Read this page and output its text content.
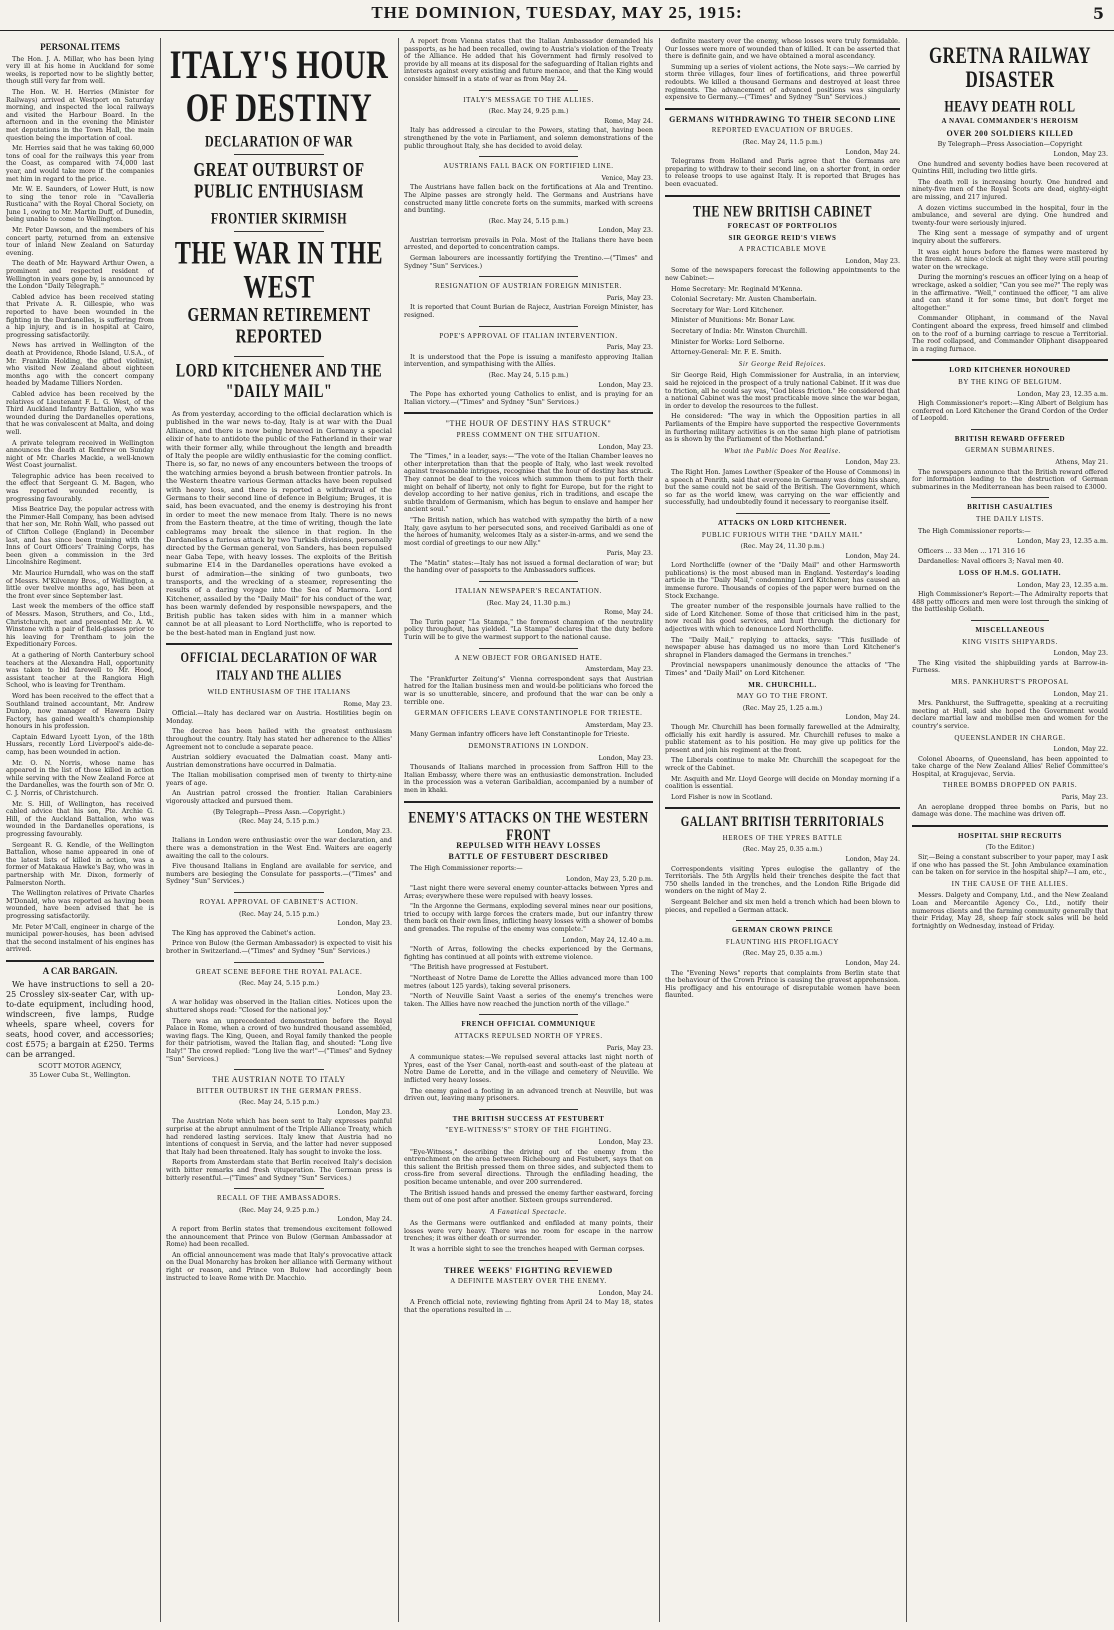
THE DOMINION, TUESDAY, MAY 25, 1915:	5
PERSONAL ITEMS

The Hon. J. A. Millar, who has been lying very ill at his home in Auckland for some weeks, is reported now to be slightly better, though still very far from well.

The Hon. W. H. Herries (Minister for Railways) arrived at Westport on Saturday morning, and inspected the local railways and visited the Harbour Board. In the afternoon and in the evening the Minister met deputations in the Town Hall, the main question being the importation of coal.

Mr. Herries said that he was taking 60,000 tons of coal for the railways this year from the Coast, as compared with 74,000 last year, and would take more if the companies met him in regard to the price.

Mr. W. E. Saunders, of Lower Hutt, is now to sing the tenor role in "Cavalleria Rusticana" with the Royal Choral Society, on June 1, owing to Mr. Martin Duff, of Dunedin, being unable to come to Wellington.

Mr. Peter Dawson, and the members of his concert party, returned from an extensive tour of inland New Zealand on Saturday evening.

The death of Mr. Hayward Arthur Owen, a prominent and respected resident of Wellington in years gone by, is announced by the London "Daily Telegraph."

Cabled advice has been received stating that Private A. R. Gillespie, who was reported to have been wounded in the fighting in the Dardanelles, is suffering from a hip injury, and is in hospital at Cairo, progressing satisfactorily.

News has arrived in Wellington of the death at Providence, Rhode Island, U.S.A., of Mr. Franklin Holding, the gifted violinist, who visited New Zealand about eighteen months ago with the concert company headed by Madame Tilliers Norden.

Cabled advice has been received by the relatives of Lieutenant F. L. G. West, of the Third Auckland Infantry Battalion, who was wounded during the Dardanelles operations, that he was convalescent at Malta, and doing well.

A private telegram received in Wellington announces the death at Renfrew on Sunday night of Mr. Charles Mackie, a well-known West Coast journalist.

Telegraphic advice has been received to the effect that Sergeant G. M. Bagen, who was reported wounded recently, is progressing favourably.

Miss Beatrice Day, the popular actress with the Pimmer-Hall Company, has been advised that her son, Mr. Rohn Wall, who passed out of Clifton College (England) in December last, and has since been training with the Inns of Court Officers' Training Corps, has been given a commission in the 3rd Lincolnshire Regiment.

Mr. Maurice Hurndall, who was on the staff of Messrs. M'Kilvenny Bros., of Wellington, a little over twelve months ago, has been at the front ever since September last.

Last week the members of the office staff of Messrs. Mason, Struthers, and Co., Ltd., Christchurch, met and presented Mr. A. W. Winstone with a pair of field-glasses prior to his leaving for Trentham to join the Expeditionary Forces.

At a gathering of North Canterbury school teachers at the Alexandra Hall, opportunity was taken to bid farewell to Mr. Hood, assistant teacher at the Rangiora High School, who is leaving for Trentham.

Word has been received to the effect that a Southland trained accountant, Mr. Andrew Dunlop, now manager of Hawera Dairy Factory, has gained wealth's championship honours in his profession.

Captain Edward Lycett Lyon, of the 18th Hussars, recently Lord Liverpool's aide-de-camp, has been wounded in action.

Mr. O. N. Norris, whose name has appeared in the list of those killed in action while serving with the New Zealand Force at the Dardanelles, was the fourth son of Mr. O. C. J. Norris, of Christchurch.

Mr. S. Hill, of Wellington, has received cabled advice that his son, Pte. Archie G. Hill, of the Auckland Battalion, who was wounded in the Dardanelles operations, is progressing favourably.

Sergeant R. G. Kendle, of the Wellington Battalion, whose name appeared in one of the latest lists of killed in action, was a former of Matakaua Hawke's Bay, who was in partnership with Mr. Dixon, formerly of Palmerston North.

The Wellington relatives of Private Charles M'Donald, who was reported as having been wounded, have been advised that he is progressing satisfactorily.

Mr. Peter M'Call, engineer in charge of the municipal power-houses, has been advised that the second instalment of his engines has arrived.

A CAR BARGAIN.

We have instructions to sell a 20-25 Crossley six-seater Car, with up-to-date equipment, including hood, windscreen, five lamps, Rudge wheels, spare wheel, covers for seats, hood cover, and accessories; cost £575; a bargain at £250. Terms can be arranged.

SCOTT MOTOR AGENCY,
35 Lower Cuba St., Wellington.
ITALY'S HOUR OF DESTINY
DECLARATION OF WAR
GREAT OUTBURST OF PUBLIC ENTHUSIASM
FRONTIER SKIRMISH
THE WAR IN THE WEST
GERMAN RETIREMENT REPORTED
LORD KITCHENER AND THE "DAILY MAIL"

As from yesterday, according to the official declaration which is published in the war news to-day, Italy is at war with the Dual Alliance, and there is now being breaved in Germany a special elixir of hate to antidote the public of the Fatherland in their war with their former ally, while throughout the length and breadth of Italy the people are wildly enthusiastic for the coming conflict. There is, so far, no news of any encounters between the troops of the watching armies beyond a brush between frontier patrols. In the Western theatre various German attacks have been repulsed with heavy loss, and there is reported a withdrawal of the Germans to their second line of defence in Belgium; Bruges, it is said, has been evacuated, and the enemy is destroying his front in order to meet the new menace from Italy. There is no news from the Eastern theatre, at the time of writing, though the late cablegrams may break the silence in that region. In the Dardanelles a furious attack by two Turkish divisions, personally directed by the German general, von Sanders, has been repulsed near Gaba Tepe, with heavy losses. The exploits of the British submarine E14 in the Dardanelles operations have evoked a burst of admiration—the sinking of two gunboats, two transports, and the wrecking of a steamer, representing the results of a daring voyage into the Sea of Marmora. Lord Kitchener, assailed by the "Daily Mail" for his conduct of the war, has been warmly defended by responsible newspapers, and the British public has taken sides with him in a manner which cannot be at all pleasant to Lord Northcliffe, who is reported to be the best-hated man in England just now.

OFFICIAL DECLARATION OF WAR
ITALY AND THE ALLIES
WILD ENTHUSIASM OF THE ITALIANS
Rome, May 23.

Official.—Italy has declared war on Austria. Hostilities begin on Monday.

The decree has been hailed with the greatest enthusiasm throughout the country. Italy has stated her adherence to the Allies' Agreement not to conclude a separate peace.

Austrian soldiery evacuated the Dalmatian coast. Many anti-Austrian demonstrations have occurred in Dalmatia.

The Italian mobilisation comprised men of twenty to thirty-nine years of age.

An Austrian patrol crossed the frontier. Italian Carabiniers vigorously attacked and pursued them.

(By Telegraph—Press Assn.—Copyright.)
(Rec. May 24, 5.15 p.m.)
London, May 23.

Italians in London were enthusiastic over the war declaration, and there was a demonstration in the West End. Waiters are eagerly awaiting the call to the colours.

Five thousand Italians in England are available for service, and numbers are besieging the Consulate for passports.—("Times" and Sydney "Sun" Services.)

ROYAL APPROVAL OF CABINET'S ACTION.
(Rec. May 24, 5.15 p.m.)
London, May 23.

The King has approved the Cabinet's action.

Prince von Bulow (the German Ambassador) is expected to visit his brother in Switzerland.—("Times" and Sydney "Sun" Services.)

GREAT SCENE BEFORE THE ROYAL PALACE.
(Rec. May 24, 5.15 p.m.)
London, May 23.

A war holiday was observed in the Italian cities. Notices upon the shuttered shops read: "Closed for the national joy."

There was an unprecedented demonstration before the Royal Palace in Rome, when a crowd of two hundred thousand assembled, waving flags. The King, Queen, and Royal family thanked the people for their patriotism, waved the Italian flag, and shouted: "Long live Italy!" The crowd replied: "Long live the war!"—("Times" and Sydney "Sun" Services.)

THE AUSTRIAN NOTE TO ITALY
BITTER OUTBURST IN THE GERMAN PRESS.
(Rec. May 24, 5.15 p.m.)
London, May 23.

The Austrian Note which has been sent to Italy expresses painful surprise at the abrupt annulment of the Triple Alliance Treaty, which had rendered lasting services. Italy knew that Austria had no intentions of conquest in Servia, and the latter had never supposed that Italy had been threatened. Italy has sought to invoke the loss.

Reports from Amsterdam state that Berlin received Italy's decision with bitter remarks and fresh vituperation. The German press is bitterly resentful.—("Times" and Sydney "Sun" Services.)

RECALL OF THE AMBASSADORS.
(Rec. May 24, 9.25 p.m.)
London, May 24.

A report from Berlin states that tremendous excitement followed the announcement that Prince von Bulow (German Ambassador at Rome) had been recalled.

An official announcement was made that Italy's provocative attack on the Dual Monarchy has broken her alliance with Germany without right or reason, and Prince von Bulow had accordingly been instructed to leave Rome with Dr. Macchio.

A report from Vienna states that the Italian Ambassador demanded his passports, as he had been recalled, owing to Austria's violation of the Treaty of the Alliance. He added that his Government had firmly resolved to provide by all means at its disposal for the safeguarding of Italian rights and interests against every existing and future menace, and that the King would consider himself in a state of war as from May 24.

ITALY'S MESSAGE TO THE ALLIES.
(Rec. May 24, 9.25 p.m.)
Rome, May 24.

Italy has addressed a circular to the Powers, stating that, having been strengthened by the vote in Parliament, and solemn demonstrations of the public throughout Italy, she has decided to avoid delay.

AUSTRIANS FALL BACK ON FORTIFIED LINE.
Venice, May 23.

The Austrians have fallen back on the fortifications at Ala and Trentino. The Alpine passes are strongly held. The Germans and Austrians have constructed many little concrete forts on the summits, marked with screens and bunting.

(Rec. May 24, 5.15 p.m.)
London, May 23.

Austrian terrorism prevails in Pola. Most of the Italians there have been arrested, and deported to concentration camps.

German labourers are incessantly fortifying the Trentino.—("Times" and Sydney "Sun" Services.)

RESIGNATION OF AUSTRIAN FOREIGN MINISTER.
Paris, May 23.

It is reported that Count Burian de Rajecz, Austrian Foreign Minister, has resigned.

POPE'S APPROVAL OF ITALIAN INTERVENTION.
Paris, May 23.

It is understood that the Pope is issuing a manifesto approving Italian intervention, and sympathising with the Allies.

(Rec. May 24, 5.15 p.m.)
London, May 23.

The Pope has exhorted young Catholics to enlist, and is praying for an Italian victory.—("Times" and Sydney "Sun" Services.)

"THE HOUR OF DESTINY HAS STRUCK"
PRESS COMMENT ON THE SITUATION.
London, May 23.

The "Times," in a leader, says:—"The vote of the Italian Chamber leaves no other interpretation than that the people of Italy, who last week revolted against treasonable intrigues, recognise that the hour of destiny has struck. They cannot be deaf to the voices which summon them to put forth their might on behalf of liberty, not only to fight for Europe, but for the right to develop according to her native genius, rich in traditions, and escape the subtle thraldom of Germanism, which has begun to enslave and hamper her ancient soul."

"The British nation, which has watched with sympathy the birth of a new Italy, gave asylum to her persecuted sons, and received Garibaldi as one of the heroes of humanity, welcomes Italy as a sister-in-arms, and we send the most cordial of greetings to our new Ally."

Paris, May 23.

The "Matin" states:—Italy has not issued a formal declaration of war; but the handing over of passports to the Ambassadors suffices.

ITALIAN NEWSPAPER'S RECANTATION.
(Rec. May 24, 11.30 p.m.)
Rome, May 24.

The Turin paper "La Stampa," the foremost champion of the neutrality policy throughout, has yielded. "La Stampa" declares that the duty before Turin will be to give the warmest support to the national cause.

A NEW OBJECT FOR ORGANISED HATE.
Amsterdam, May 23.

The "Frankfurter Zeitung's" Vienna correspondent says that Austrian hatred for the Italian business men and would-be politicians who forced the war is so unutterable, sincere, and profound that the war can be only a terrible one.

GERMAN OFFICERS LEAVE CONSTANTINOPLE FOR TRIESTE.
Amsterdam, May 23.

Many German infantry officers have left Constantinople for Trieste.

DEMONSTRATIONS IN LONDON.
London, May 23.

Thousands of Italians marched in procession from Saffron Hill to the Italian Embassy, where there was an enthusiastic demonstration. Included in the procession was a veteran Garibaldian, accompanied by a number of men in khaki.

ENEMY'S ATTACKS ON THE WESTERN FRONT
REPULSED WITH HEAVY LOSSES
BATTLE OF FESTUBERT DESCRIBED

The High Commissioner reports:—

London, May 23, 5.20 p.m.

"Last night there were several enemy counter-attacks between Ypres and Arras; everywhere these were repulsed with heavy losses.

"In the Argonne the Germans, exploding several mines near our positions, tried to occupy with large forces the craters made, but our infantry threw them back on their own lines, inflicting heavy losses with a shower of bombs and grenades. The repulse of the enemy was complete."

London, May 24, 12.40 a.m.

"North of Arras, following the checks experienced by the Germans, fighting has continued at all points with extreme violence.

"The British have progressed at Festubert.

"Northeast of Notre Dame de Lorette the Allies advanced more than 100 metres (about 125 yards), taking several prisoners.

"North of Neuville Saint Vaast a series of the enemy's trenches were taken. The Allies have now reached the junction north of the village."

FRENCH OFFICIAL COMMUNIQUE
ATTACKS REPULSED NORTH OF YPRES.
Paris, May 23.

A communique states:—We repulsed several attacks last night north of Ypres, east of the Yser Canal, north-east and south-east of the plateau at Notre Dame de Lorette, and in the village and cemetery of Neuville. We inflicted very heavy losses.

The enemy gained a footing in an advanced trench at Neuville, but was driven out, leaving many prisoners.

THE BRITISH SUCCESS AT FESTUBERT
"EYE-WITNESS'S" STORY OF THE FIGHTING.
London, May 23.

"Eye-Witness," describing the driving out of the enemy from the entrenchment on the area between Richebourg and Festubert, says that on this salient the British pressed them on three sides, and subjected them to cross-fire from several directions. Through the enfilading heading, the position became untenable, and over 200 surrendered.

The British issued hands and pressed the enemy farther eastward, forcing them out of one post after another. Sixteen groups surrendered.

A Fanatical Spectacle.

As the Germans were outflanked and enfiladed at many points, their losses were very heavy. There was no room for escape in the narrow trenches; it was either death or surrender.

It was a horrible sight to see the trenches heaped with German corpses.

THREE WEEKS' FIGHTING REVIEWED
A DEFINITE MASTERY OVER THE ENEMY.
London, May 24.

A French official note, reviewing fighting from April 24 to May 18, states that the operations resulted in ...

definite mastery over the enemy, whose losses were truly formidable. Our losses were more of wounded than of killed. It can be asserted that there is definite gain, and we have obtained a moral ascendancy.

Summing up a series of violent actions, the Note says:—We carried by storm three villages, four lines of fortifications, and three powerful redoubts. We killed a thousand Germans and destroyed at least three regiments. The advancement of advanced positions was singularly expensive to Germany.—("Times" and Sydney "Sun" Services.)

GERMANS WITHDRAWING TO THEIR SECOND LINE
REPORTED EVACUATION OF BRUGES.
(Rec. May 24, 11.5 p.m.)
London, May 24.

Telegrams from Holland and Paris agree that the Germans are preparing to withdraw to their second line, on a shorter front, in order to release troops to use against Italy. It is reported that Bruges has been evacuated.

THE NEW BRITISH CABINET
FORECAST OF PORTFOLIOS
SIR GEORGE REID'S VIEWS
A PRACTICABLE MOVE
London, May 23.

Some of the newspapers forecast the following appointments to the new Cabinet:—

Home Secretary: Mr. Reginald M'Kenna.

Colonial Secretary: Mr. Austen Chamberlain.

Secretary for War: Lord Kitchener.

Minister of Munitions: Mr. Bonar Law.

Secretary of India: Mr. Winston Churchill.

Minister for Works: Lord Selborne.

Attorney-General: Mr. F. E. Smith.

Sir George Reid Rejoices.

Sir George Reid, High Commissioner for Australia, in an interview, said he rejoiced in the prospect of a truly national Cabinet. If it was due to friction, all he could say was, "God bless friction." He considered that a national Cabinet was the most practicable move since the war began, in order to develop the resources to the fullest.

He considered: "The way in which the Opposition parties in all Parliaments of the Empire have supported the respective Governments in furthering military activities is on the same high plane of patriotism as is shown by the Parliament of the Motherland."

What the Public Does Not Realise.
London, May 23.

The Right Hon. James Lowther (Speaker of the House of Commons) in a speech at Penrith, said that everyone in Germany was doing his share, but the same could not be said of the British. The Government, which so far as the world knew, was carrying on the war efficiently and successfully, had undoubtedly found it necessary to reorganise itself.

ATTACKS ON LORD KITCHENER.
PUBLIC FURIOUS WITH THE "DAILY MAIL"
(Rec. May 24, 11.30 p.m.)
London, May 24.

Lord Northcliffe (owner of the "Daily Mail" and other Harmsworth publications) is the most abused man in England. Yesterday's leading article in the "Daily Mail," condemning Lord Kitchener, has caused an immense furore. Thousands of copies of the paper were burned on the Stock Exchange.

The greater number of the responsible journals have rallied to the side of Lord Kitchener. Some of those that criticised him in the past, now recall his good services, and hurl through the dictionary for adjectives with which to denounce Lord Northcliffe.

The "Daily Mail," replying to attacks, says: "This fusillade of newspaper abuse has damaged us no more than Lord Kitchener's shrapnel in Flanders damaged the Germans in trenches."

Provincial newspapers unanimously denounce the attacks of "The Times" and "Daily Mail" on Lord Kitchener.

MR. CHURCHILL.
MAY GO TO THE FRONT.
(Rec. May 25, 1.25 a.m.)
London, May 24.

Though Mr. Churchill has been formally farewelled at the Admiralty, officially his exit hardly is assured. Mr. Churchill refuses to make a public statement as to his position. He may give up politics for the present and join his regiment at the front.

The Liberals continue to make Mr. Churchill the scapegoat for the wreck of the Cabinet.

Mr. Asquith and Mr. Lloyd George will decide on Monday morning if a coalition is essential.

Lord Fisher is now in Scotland.

GALLANT BRITISH TERRITORIALS
HEROES OF THE YPRES BATTLE
(Rec. May 25, 0.35 a.m.)
London, May 24.

Correspondents visiting Ypres eulogise the gallantry of the Territorials. The 5th Argylls held their trenches despite the fact that 750 shells landed in the trenches, and the London Rifle Brigade did wonders on the night of May 2.

Sergeant Belcher and six men held a trench which had been blown to pieces, and repelled a German attack.

GERMAN CROWN PRINCE
FLAUNTING HIS PROFLIGACY
(Rec. May 25, 0.35 a.m.)
London, May 24.

The "Evening News" reports that complaints from Berlin state that the behaviour of the Crown Prince is causing the gravest apprehension. His profligacy and his entourage of disreputable women have been flaunted.

GRETNA RAILWAY DISASTER
HEAVY DEATH ROLL
A NAVAL COMMANDER'S HEROISM
OVER 200 SOLDIERS KILLED
By Telegraph—Press Association—Copyright
London, May 23.

One hundred and seventy bodies have been recovered at Quintins Hill, including two little girls.

The death roll is increasing hourly. One hundred and ninety-five men of the Royal Scots are dead, eighty-eight are missing, and 217 injured.

A dozen victims succumbed in the hospital, four in the ambulance, and several are dying. One hundred and twenty-four were seriously injured.

The King sent a message of sympathy and of urgent inquiry about the sufferers.

It was eight hours before the flames were mastered by the firemen. At nine o'clock at night they were still pouring water on the wreckage.

During the morning's rescues an officer lying on a heap of wreckage, asked a soldier, "Can you see me?" The reply was in the affirmative. "Well," continued the officer, "I am alive and can stand it for some time, but don't forget me altogether."

Commander Oliphant, in command of the Naval Contingent aboard the express, freed himself and climbed on to the roof of a burning carriage to rescue a Territorial. The roof collapsed, and Commander Oliphant disappeared in a raging furnace.

LORD KITCHENER HONOURED
BY THE KING OF BELGIUM.
London, May 23, 12.35 a.m.

High Commissioner's report:—King Albert of Belgium has conferred on Lord Kitchener the Grand Cordon of the Order of Leopold.

BRITISH REWARD OFFERED
GERMAN SUBMARINES.
Athens, May 21.

The newspapers announce that the British reward offered for information leading to the destruction of German submarines in the Mediterranean has been raised to £3000.

BRITISH CASUALTIES
THE DAILY LISTS.

The High Commissioner reports:—

London, May 23, 12.35 a.m.

Officers ... 33 Men ... 171 316 16

Dardanelles: Naval officers 3; Naval men 40.

LOSS OF H.M.S. GOLIATH.
London, May 23, 12.35 a.m.

High Commissioner's Report:—The Admiralty reports that 488 petty officers and men were lost through the sinking of the battleship Goliath.

MISCELLANEOUS
KING VISITS SHIPYARDS.
London, May 23.

The King visited the shipbuilding yards at Barrow-in-Furness.

MRS. PANKHURST'S PROPOSAL
London, May 21.

Mrs. Pankhurst, the Suffragette, speaking at a recruiting meeting at Hull, said she hoped the Government would declare martial law and mobilise men and women for the country's service.

QUEENSLANDER IN CHARGE.
London, May 22.

Colonel Aboarns, of Queensland, has been appointed to take charge of the New Zealand Allies' Relief Committee's Hospital, at Kragujevac, Servia.

THREE BOMBS DROPPED ON PARIS.
Paris, May 23.

An aeroplane dropped three bombs on Paris, but no damage was done. The machine was driven off.

HOSPITAL SHIP RECRUITS
(To the Editor.)

Sir,—Being a constant subscriber to your paper, may I ask if one who has passed the St. John Ambulance examination can be taken on for service in the hospital ship?—I am, etc.,

IN THE CAUSE OF THE ALLIES.

Messrs. Dalgety and Company, Ltd., and the New Zealand Loan and Mercantile Agency Co., Ltd., notify their numerous clients and the farming community generally that their Friday, May 28, sheep fair stock sales will be held fortnightly on Wednesday, instead of Friday.
